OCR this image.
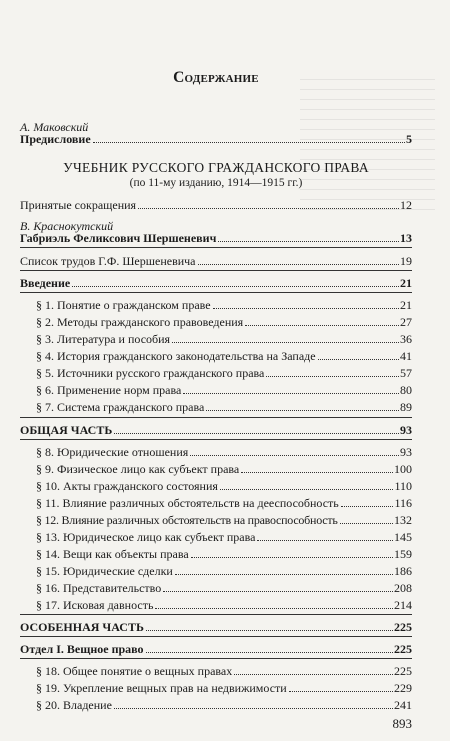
Содержание
А. Маковский
Предисловие	5
УЧЕБНИК РУССКОГО ГРАЖДАНСКОГО ПРАВА
(по 11-му изданию, 1914—1915 гг.)
Принятые сокращения	12
В. Краснокутский
Габриэль Феликсович Шершеневич	13
Список трудов Г.Ф. Шершеневича	19
Введение	21
§ 1. Понятие о гражданском праве	21
§ 2. Методы гражданского правоведения	27
§ 3. Литература и пособия	36
§ 4. История гражданского законодательства на Западе	41
§ 5. Источники русского гражданского права	57
§ 6. Применение норм права	80
§ 7. Система гражданского права	89
ОБЩАЯ ЧАСТЬ	93
§ 8. Юридические отношения	93
§ 9. Физическое лицо как субъект права	100
§ 10. Акты гражданского состояния	110
§ 11. Влияние различных обстоятельств на дееспособность	116
§ 12. Влияние различных обстоятельств на правоспособность	132
§ 13. Юридическое лицо как субъект права	145
§ 14. Вещи как объекты права	159
§ 15. Юридические сделки	186
§ 16. Представительство	208
§ 17. Исковая давность	214
ОСОБЕННАЯ ЧАСТЬ	225
Отдел I. Вещное право	225
§ 18. Общее понятие о вещных правах	225
§ 19. Укрепление вещных прав на недвижимости	229
§ 20. Владение	241
893
